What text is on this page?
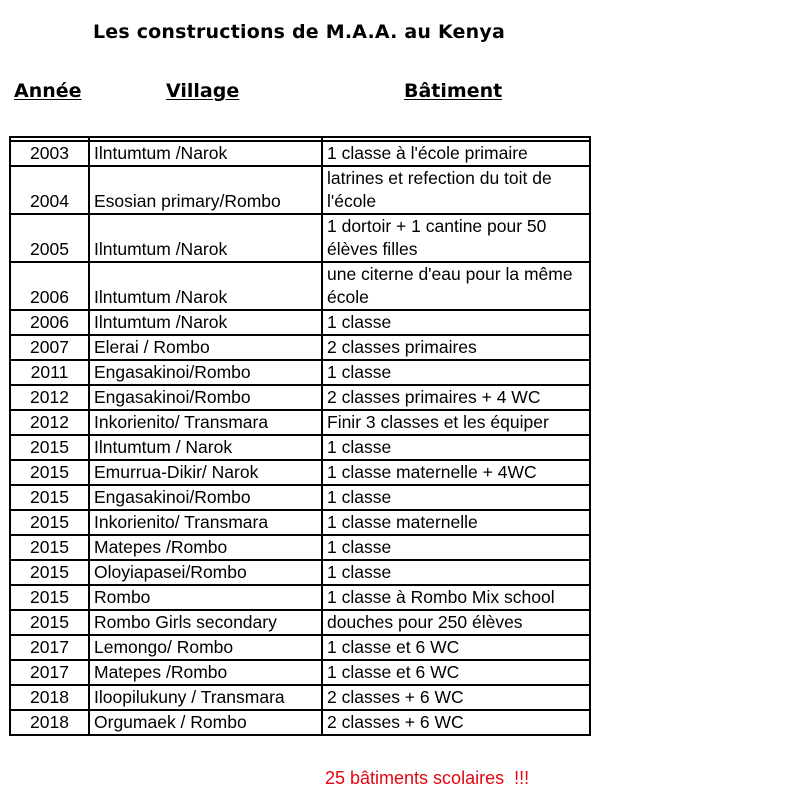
Les constructions de M.A.A. au Kenya
Année	Village	Bâtiment

2003	Ilntumtum /Narok	1 classe à l'école primaire
2004	Esosian primary/Rombo	latrines et refection du toit de l'école
2005	Ilntumtum /Narok	1 dortoir + 1 cantine pour 50 élèves filles
2006	Ilntumtum /Narok	une citerne d'eau pour la même école
2006	Ilntumtum /Narok	1 classe
2007	Elerai / Rombo	2 classes primaires
2011	Engasakinoi/Rombo	1 classe
2012	Engasakinoi/Rombo	2 classes primaires + 4 WC
2012	Inkorienito/ Transmara	Finir 3 classes et les équiper
2015	Ilntumtum / Narok	1 classe
2015	Emurrua-Dikir/ Narok	1 classe maternelle + 4WC
2015	Engasakinoi/Rombo	1 classe
2015	Inkorienito/ Transmara	1 classe maternelle
2015	Matepes /Rombo	1 classe
2015	Oloyiapasei/Rombo	1 classe
2015	Rombo	1 classe à Rombo Mix school
2015	Rombo Girls secondary	douches pour 250 élèves
2017	Lemongo/ Rombo	1 classe et 6 WC
2017	Matepes /Rombo	1 classe et 6 WC
2018	Iloopilukuny / Transmara	2 classes + 6 WC
2018	Orgumaek / Rombo	2 classes + 6 WC
25 bâtiments scolaires  !!!
